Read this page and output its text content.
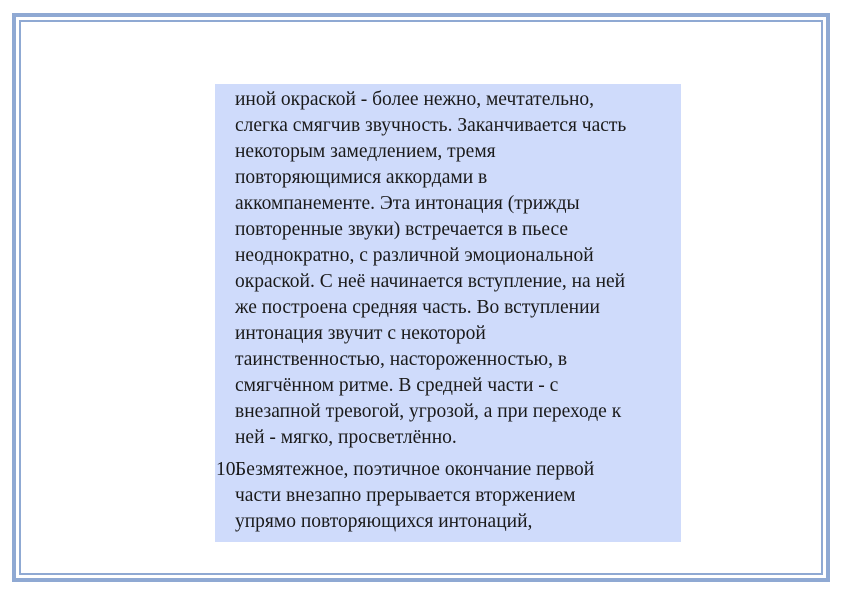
иной окраской - более нежно, мечтательно,
слегка смягчив звучность. Заканчивается часть
некоторым замедлением, тремя
повторяющимися аккордами в
аккомпанементе. Эта интонация (трижды
повторенные звуки) встречается в пьесе
неоднократно, с различной эмоциональной
окраской. С неё начинается вступление, на ней
же построена средняя часть. Во вступлении
интонация звучит с некоторой
таинственностью, настороженностью, в
смягчённом ритме. В средней части - с
внезапной тревогой, угрозой, а при переходе к
ней - мягко, просветлённо.

10.
Безмятежное, поэтичное окончание первой
части внезапно прерывается вторжением
упрямо повторяющихся интонаций,
